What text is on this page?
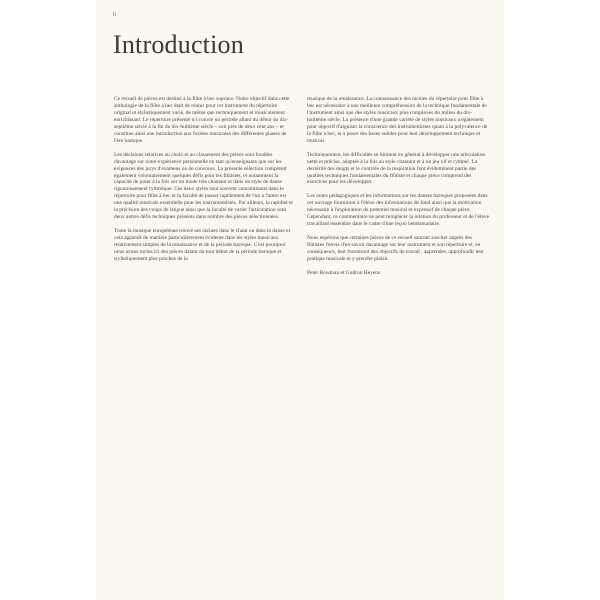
6
Introduction

Ce recueil de pièces est destiné à la flûte à bec soprano. Notre objectif dans cette anthologie de la flûte à bec était de réunir pour cet instrument du répertoire original et stylistiquement varié, de même que techniquement et musicalement enrichissant. Le répertoire présenté ici couvre un période allant du début du dix-septième siècle à la fin du dix-huitième siècle – soit près de deux cent ans – et constitue ainsi une introduction aux formes musicales des différentes phases de l'ère baroque.

Les décisions relatives au choix et au classement des pièces sont fondées davantage sur notre expérience personnelle en tant qu'enseignants que sur les exigences des jurys d'examens ou de concours. La présente sélection comprend également volontairement quelques défis pour les flûtistes, et notamment la capacité de jouer à la fois sur un mode très chantant et dans un style de danse rigoureusement rythmique. Ces deux styles sont souvent concomitants dans le répertoire pour flûte à bec et la faculté de passer rapidement de l'un à l'autre est une qualité musicale essentielle pour les instrumentistes. Par ailleurs, la rapidité et la précision des coups de langue ainsi que la faculté de varier l'articulation sont deux autres défis techniques présents dans nombre des pièces sélectionnées.

Toute la musique européenne trouve ses racines dans le chant ou dans la danse et cela apparaît de manière particulièrement évidente dans les styles musicaux relativement simples de la renaissance et de la période baroque. C'est pourquoi nous avons inclus ici des pièces datant du tout début de la période baroque et stylistiquement plus proches de la

musique de la renaissance. La connaissance des racines du répertoire pour flûte à bec est nécessaire à une meilleure compréhension de la technique fondamentale de l'instrument ainsi que des styles musicaux plus complexes du milieu du dix-huitième siècle. La présence d'une grande variété de styles musicaux a également pour objectif d'aiguiser la conscience des instrumentistes quant à la polyvalence de la flûte à bec, et à poser des bases solides pour leur développement technique et musical.

Techniquement, les difficultés se limitent en général à développer une articulation nette et précise, adaptée à la fois au style chantant et à un jeu vif et rythmé. La dextérité des doigts et le contrôle de la respiration font évidemment partie des qualités techniques fondamentales du flûtiste et chaque pièce comprend des exercices pour les développer.

Les notes pédagogiques et les informations sur les danses baroques proposées dans cet ouvrage fourniront à l'élève des informations de fond ainsi que la motivation nécessaire à l'exploration du potentiel musical et expressif de chaque pièce. Cependant, ce commentaire ne peut remplacer la relation du professeur et de l'élève travaillant ensemble dans le cadre d'une leçon hebdomadaire.

Nous espérons que certaines pièces de ce recueil sauront susciter auprès des flûtistes l'envie d'en savoir davantage sur leur instrument et son répertoire et, en conséquence, leur fourniront des objectifs de travail : apprendre, approfondir leur pratique musicale et y prendre plaisir.

Peter Bowman et Gudrun Heyens
